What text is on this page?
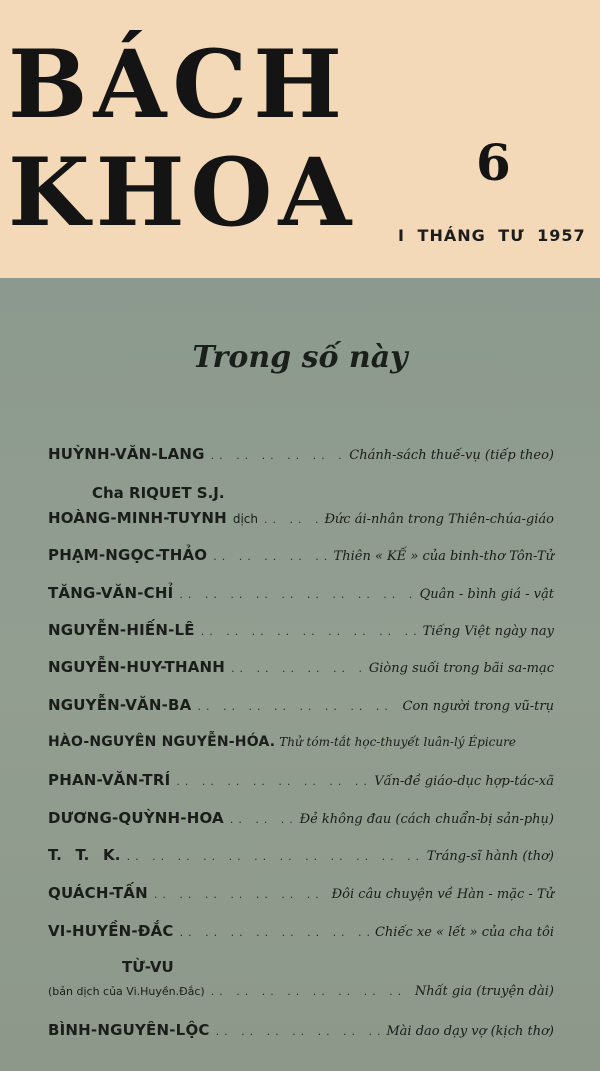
BÁCH
KHOA 6
I THÁNG TƯ 1957
Trong số này
HUỲNH-VĂN-LANG .. ..	Chánh-sách thuế-vụ (tiếp theo)
Cha RIQUET S.J.
HOÀNG-MINH-TUYNH dịch .. ..	Đức ái-nhân trong Thiên-chúa-giáo
PHẠM-NGỌC-THẢO .. ..	Thiên « KẾ » của binh-thơ Tôn-Tử
TĂNG-VĂN-CHỈ .. ..	Quân - bình giá - vật
NGUYỄN-HIẾN-LÊ .. ..	Tiếng Việt ngày nay
NGUYỄN-HUY-THANH .. ..	Giòng suối trong bãi sa-mạc
NGUYỄN-VĂN-BA .. ..	Con người trong vũ-trụ
HÀO-NGUYÊN NGUYỄN-HÓA. Thử tóm-tắt học-thuyết luân-lý Épicure
PHAN-VĂN-TRÍ .. ..	Vấn-đề giáo-dục hợp-tác-xã
DƯƠNG-QUỲNH-HOA .. ..	Đẻ không đau (cách chuẩn-bị sản-phụ)
T. T. K. .. ..	Tráng-sĩ hành (thơ)
QUÁCH-TẤN .. ..	Đôi câu chuyện về Hàn - mặc - Tử
VI-HUYỀN-ĐẮC .. ..	Chiếc xe « lết » của cha tôi
TỪ-VU
(bản dịch của Vi.Huyền.Đắc) .. ..	Nhất gia (truyện dài)
BÌNH-NGUYÊN-LỘC .. ..	Mài dao dạy vợ (kịch thơ)
